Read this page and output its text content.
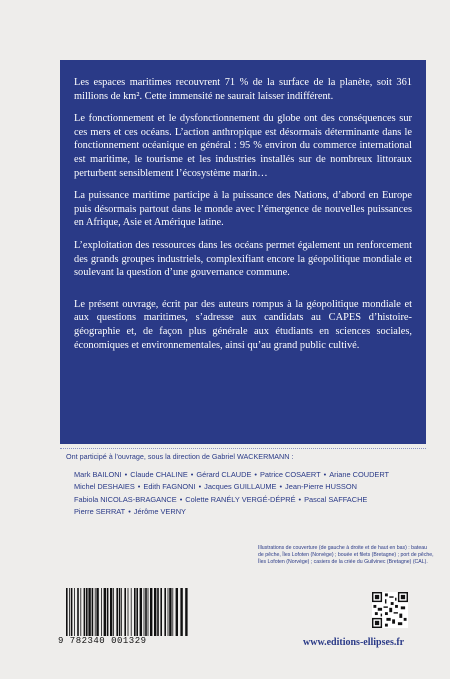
Les espaces maritimes recouvrent 71 % de la surface de la planète, soit 361 millions de km². Cette immensité ne saurait laisser indifférent.

Le fonctionnement et le dysfonctionnement du globe ont des conséquences sur ces mers et ces océans. L’action anthropique est désormais déterminante dans le fonctionnement océanique en général : 95 % environ du commerce international est maritime, le tourisme et les industries installés sur de nombreux littoraux perturbent sensiblement l’écosystème marin…

La puissance maritime participe à la puissance des Nations, d’abord en Europe puis désormais partout dans le monde avec l’émergence de nouvelles puissances en Afrique, Asie et Amérique latine.

L’exploitation des ressources dans les océans permet également un renforcement des grands groupes industriels, complexifiant encore la géopolitique mondiale et soulevant la question d’une gouvernance commune.

Le présent ouvrage, écrit par des auteurs rompus à la géopolitique mondiale et aux questions maritimes, s’adresse aux candidats au CAPES d’histoire-géographie et, de façon plus générale aux étudiants en sciences sociales, économiques et environnementales, ainsi qu’au grand public cultivé.

Ont participé à l’ouvrage, sous la direction de Gabriel WACKERMANN :
Mark BAILONI • Claude CHALINE • Gérard CLAUDE • Patrice COSAERT • Ariane COUDERT
Michel DESHAIES • Edith FAGNONI • Jacques GUILLAUME • Jean-Pierre HUSSON
Fabiola NICOLAS-BRAGANCE • Colette RANÉLY VERGÉ-DÉPRÉ • Pascal SAFFACHE
Pierre SERRAT • Jérôme VERNY
Illustrations de couverture (de gauche à droite et de haut en bas) : bateau de pêche, Îles Lofoten (Norvège) ; bouée et filets (Bretagne) ; port de pêche, Îles Lofoten (Norvège) ; casiers de la criée du Guilvinec (Bretagne) (CAL).
9 782340 001329	www.editions-ellipses.fr
